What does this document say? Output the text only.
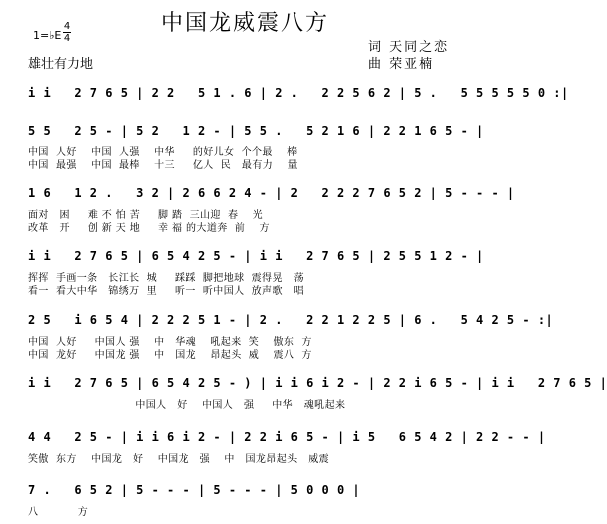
中国龙威震八方
1=♭E $\frac{4}{4}$
雄壮有力地
词 天同之恋
曲 荣亚楠
i i   2 7 6 5 | 2 2   5 1 . 6 | 2 .   2 2 5 6 2 | 5 .   5 5 5 5 5 0 :|
5 5   2 5 - | 5 2   1 2 - | 5 5 .   5 2 1 6 | 2 2 1 6 5 - |
中国  人好    中国  人强    中华     的好儿女  个个最    棒
中国  最强    中国  最棒    十三     亿人  民   最有力    量
1 6   1 2 .   3 2 | 2 6 6 2 4 - | 2   2 2 2 7 6 5 2 | 5 - - - |
面对   困     难 不 怕 苦     脚 踏  三山迎  春    光
改革   开     创 新 天 地     幸 福 的大道奔  前    方
i i   2 7 6 5 | 6 5 4 2 5 - | i i   2 7 6 5 | 2 5 5 1 2 - |
挥挥  手画一条   长江长  城     踩踩  脚把地球  震得晃   荡
看一  看大中华   锦绣万  里     听一  听中国人  放声歌   唱
2 5   i 6 5 4 | 2 2 2 5 1 - | 2 .   2 2 1 2 2 5 | 6 .   5 4 2 5 - :|
中国  人好     中国人 强    中   华魂    吼起来  笑    傲东  方
中国  龙好     中国龙 强    中   国龙    昂起头  威    震八  方
i i   2 7 6 5 | 6 5 4 2 5 - ) | i i 6 i 2 - | 2 2 i 6 5 - | i i   2 7 6 5 |
中国人   好    中国人   强     中华   魂吼起来
4 4   2 5 - | i i 6 i 2 - | 2 2 i 6 5 - | i 5   6 5 4 2 | 2 2 - - |
笑傲  东方    中国龙   好    中国龙   强    中   国龙昂起头   威震
7 .   6 5 2 | 5 - - - | 5 - - - | 5 0 0 0 |
八           方
